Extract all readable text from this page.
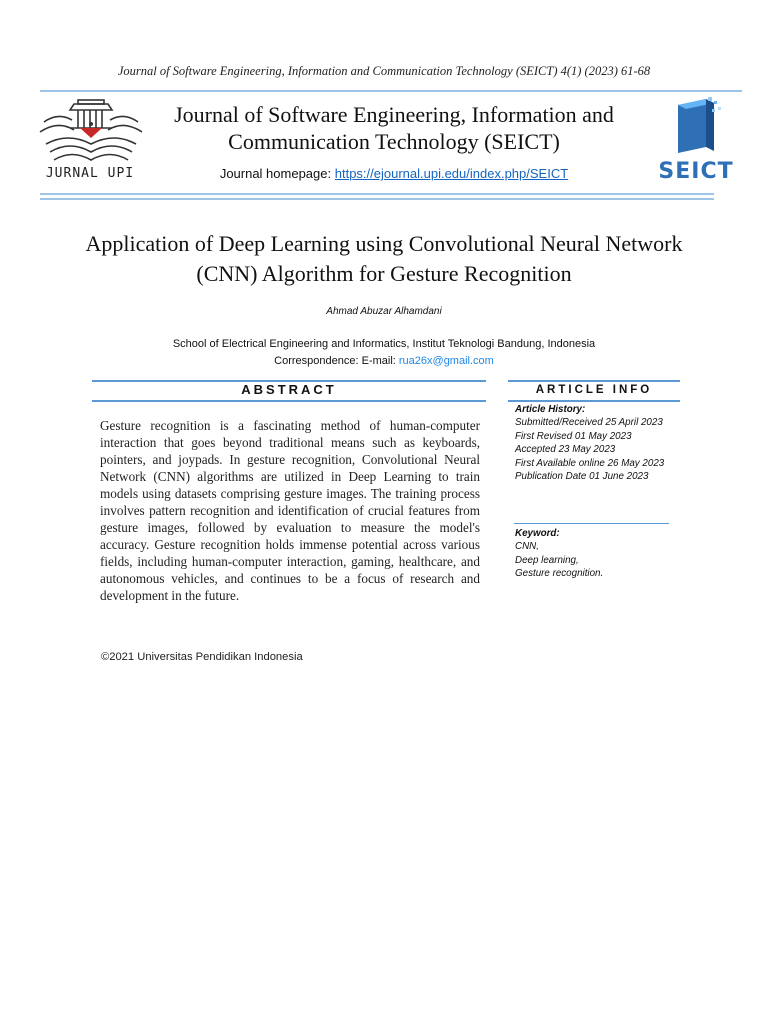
Journal of Software Engineering, Information and Communication Technology (SEICT) 4(1) (2023) 61-68
JURNAL UPI
Journal of Software Engineering, Information and Communication Technology (SEICT)
Journal homepage: https://ejournal.upi.edu/index.php/SEICT	SEICT
Application of Deep Learning using Convolutional Neural Network (CNN) Algorithm for Gesture Recognition
Ahmad Abuzar Alhamdani
School of Electrical Engineering and Informatics, Institut Teknologi Bandung, Indonesia
Correspondence: E-mail: rua26x@gmail.com
ABSTRACT	ARTICLE INFO
Gesture recognition is a fascinating method of human-computer interaction that goes beyond traditional means such as keyboards, pointers, and joypads. In gesture recognition, Convolutional Neural Network (CNN) algorithms are utilized in Deep Learning to train models using datasets comprising gesture images. The training process involves pattern recognition and identification of crucial features from gesture images, followed by evaluation to measure the model's accuracy. Gesture recognition holds immense potential across various fields, including human-computer interaction, gaming, healthcare, and autonomous vehicles, and continues to be a focus of research and development in the future.
Article History:
Submitted/Received 25 April 2023
First Revised 01 May 2023
Accepted 23 May 2023
First Available online 26 May 2023
Publication Date 01 June 2023
Keyword:
CNN,
Deep learning,
Gesture recognition.
©2021 Universitas Pendidikan Indonesia
